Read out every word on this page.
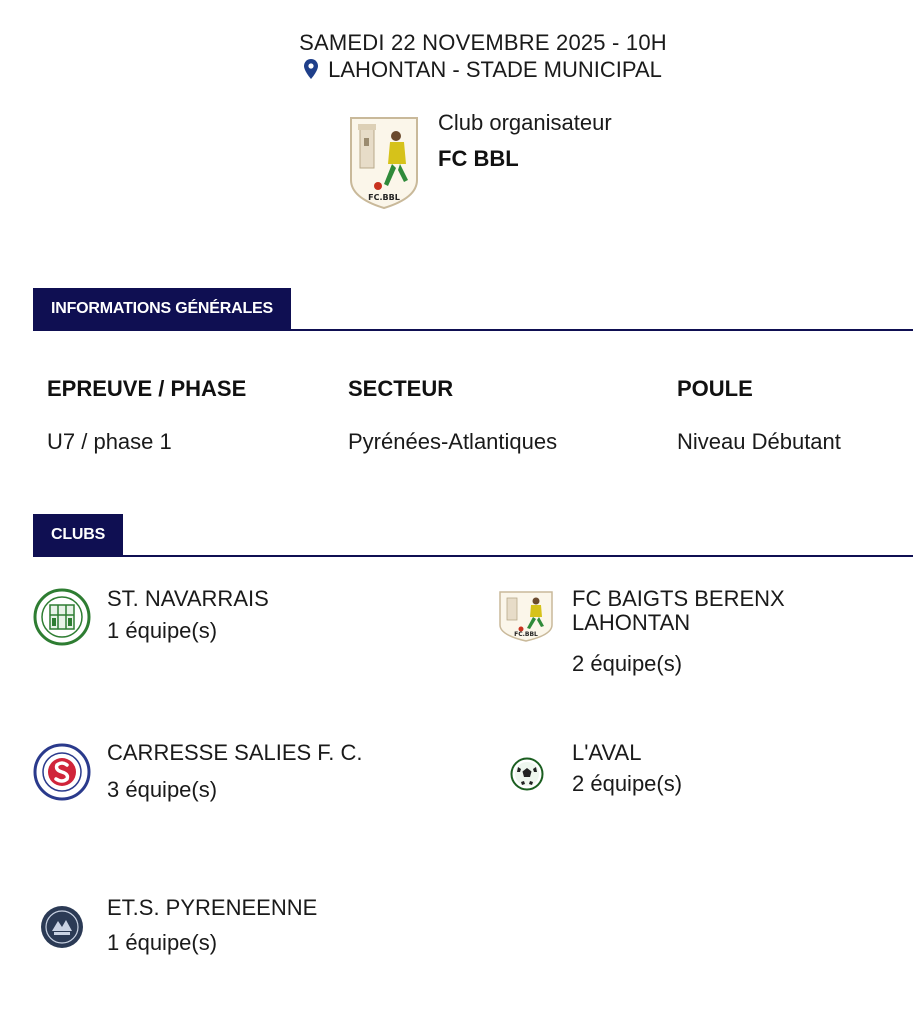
SAMEDI 22 NOVEMBRE 2025 - 10H
LAHONTAN - STADE MUNICIPAL
FC.BBL
Club organisateur
FC BBL
INFORMATIONS GÉNÉRALES
EPREUVE / PHASE	SECTEUR	POULE
U7 / phase 1	Pyrénées-Atlantiques	Niveau Débutant
CLUBS
ST. NAVARRAIS
1 équipe(s)	FC.BBL
FC BAIGTS BERENX
LAHONTAN
2 équipe(s)
CARRESSE SALIES F. C.
3 équipe(s)
L'AVAL
2 équipe(s)
ET.S. PYRENEENNE
1 équipe(s)
